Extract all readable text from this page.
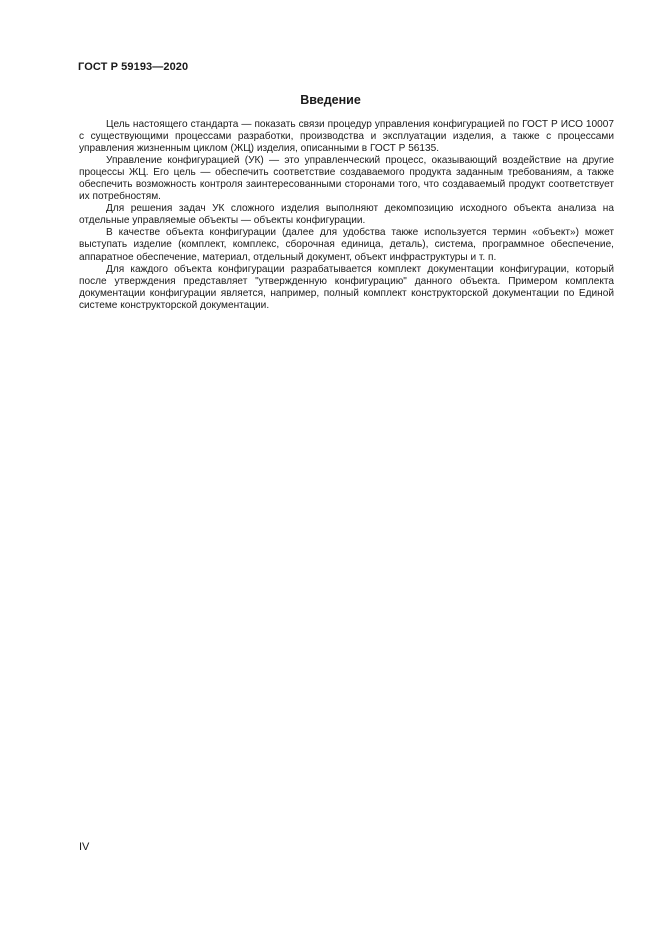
ГОСТ Р 59193—2020
Введение

Цель настоящего стандарта — показать связи процедур управления конфигурацией по ГОСТ Р ИСО 10007 с существующими процессами разработки, производства и эксплуатации изделия, а также с процессами управления жизненным циклом (ЖЦ) изделия, описанными в ГОСТ Р 56135.

Управление конфигурацией (УК) — это управленческий процесс, оказывающий воздействие на другие процессы ЖЦ. Его цель — обеспечить соответствие создаваемого продукта заданным требованиям, а также обеспечить возможность контроля заинтересованными сторонами того, что создаваемый продукт соответствует их потребностям.

Для решения задач УК сложного изделия выполняют декомпозицию исходного объекта анализа на отдельные управляемые объекты — объекты конфигурации.

В качестве объекта конфигурации (далее для удобства также используется термин «объект») может выступать изделие (комплект, комплекс, сборочная единица, деталь), система, программное обеспечение, аппаратное обеспечение, материал, отдельный документ, объект инфраструктуры и т. п.

Для каждого объекта конфигурации разрабатывается комплект документации конфигурации, который после утверждения представляет "утвержденную конфигурацию" данного объекта. Примером комплекта документации конфигурации является, например, полный комплект конструкторской документации по Единой системе конструкторской документации.

IV
